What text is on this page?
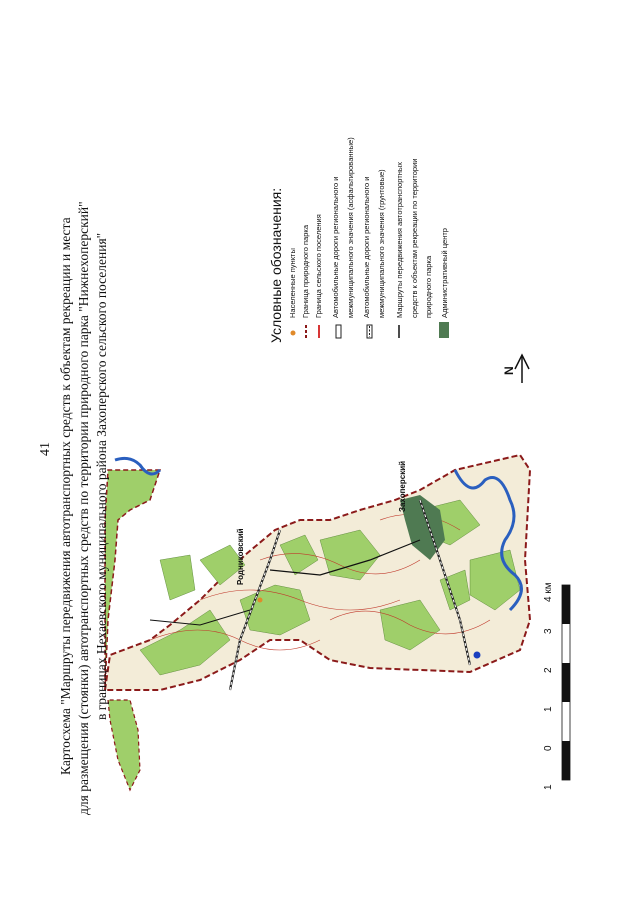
41 Картосхема "Маршруты передвижения автотранспортных средств к объектам рекреации и места для размещения (стоянки) автотранспортных средств по территории природного парка "Нижнехоперский" в границах Нехаевского муниципального района Захоперского сельского поселения"	Условные обозначения: Населенные пункты Граница природного парка Граница сельского поселения Автомобильные дороги регионального и межмуниципального значения (асфальтированные) Автомобильные дороги регионального и межмуниципального значения (грунтовые) Маршруты передвижения автотранспортных средств к объектам рекреации по территории природного парка Административный центр
N
1
0
1
2
3
4 км
Родниковский
Захоперский
